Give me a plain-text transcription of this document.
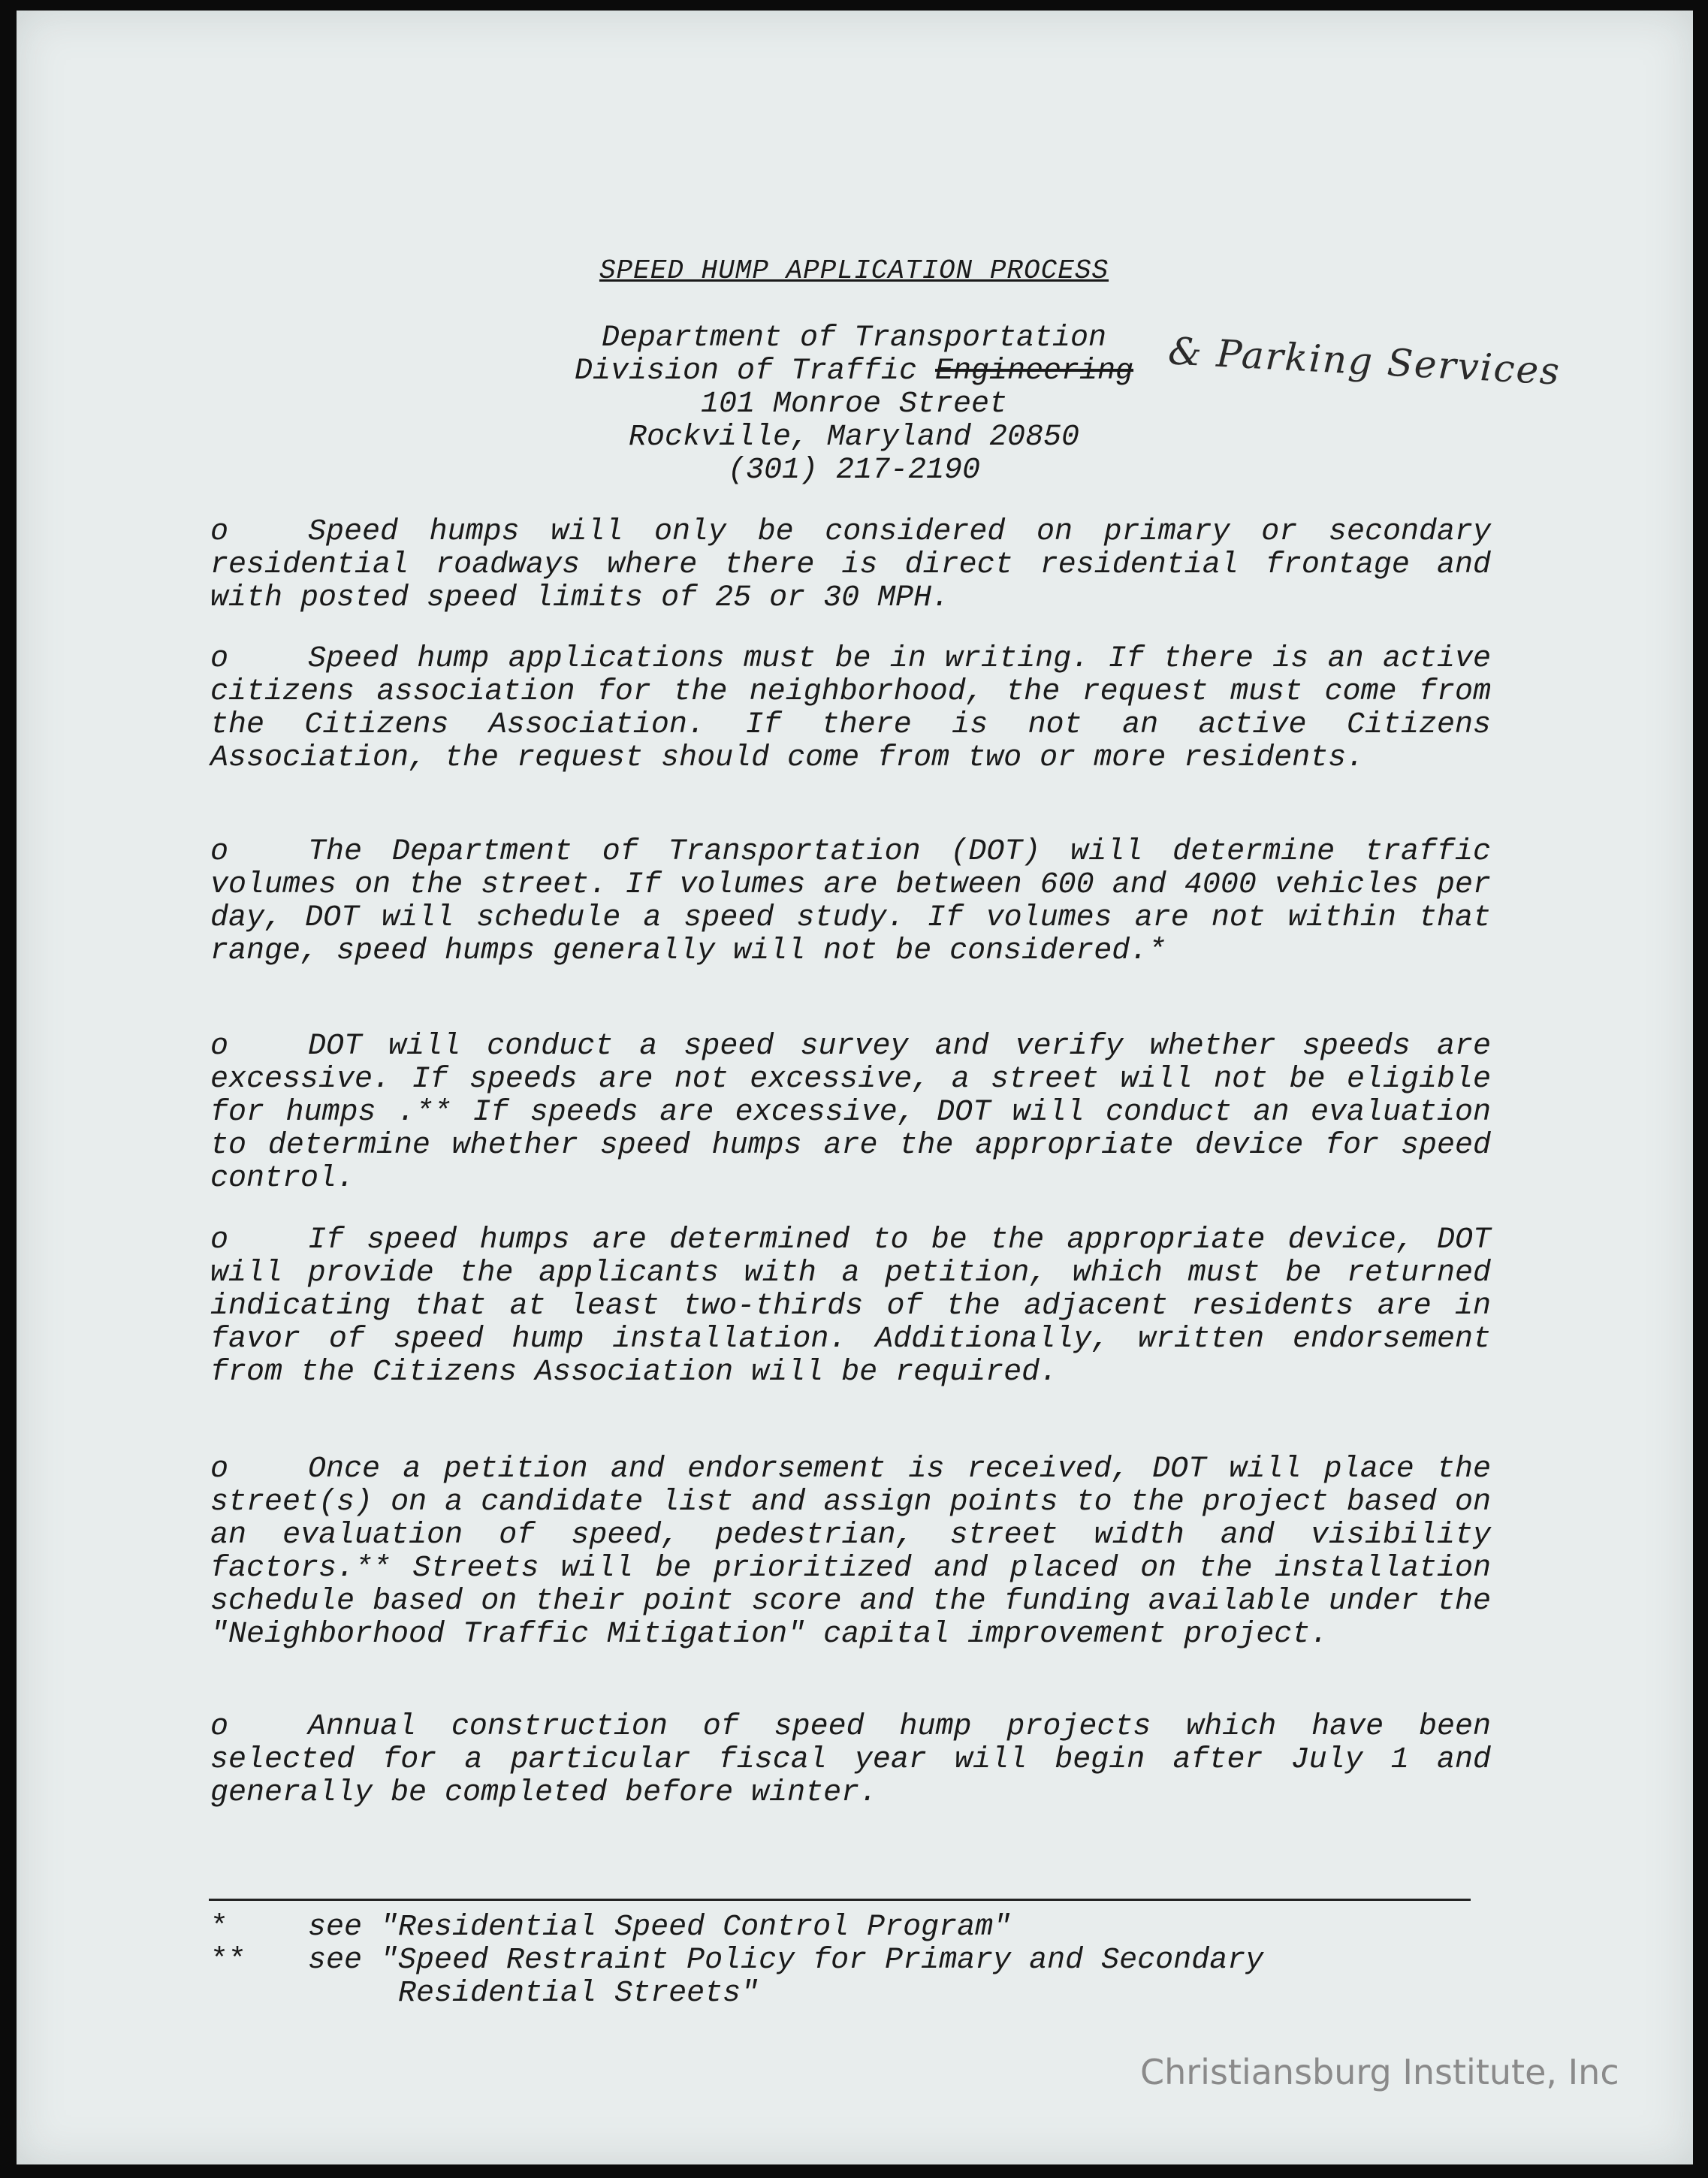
SPEED HUMP APPLICATION PROCESS
Department of Transportation
Division of Traffic Engineering
101 Monroe Street
Rockville, Maryland 20850
(301) 217-2190
& Parking Services
o	Speed humps will only be considered on primary or secondary residential roadways where there is direct residential frontage and with posted speed limits of 25 or 30 MPH.
o	Speed hump applications must be in writing. If there is an active citizens association for the neighborhood, the request must come from the Citizens Association. If there is not an active Citizens Association, the request should come from two or more residents.
o	The Department of Transportation (DOT) will determine traffic volumes on the street. If volumes are between 600 and 4000 vehicles per day, DOT will schedule a speed study. If volumes are not within that range, speed humps generally will not be considered.*
o	DOT will conduct a speed survey and verify whether speeds are excessive. If speeds are not excessive, a street will not be eligible for humps .** If speeds are excessive, DOT will conduct an evaluation to determine whether speed humps are the appropriate device for speed control.
o	If speed humps are determined to be the appropriate device, DOT will provide the applicants with a petition, which must be returned indicating that at least two-thirds of the adjacent residents are in favor of speed hump installation. Additionally, written endorsement from the Citizens Association will be required.
o	Once a petition and endorsement is received, DOT will place the street(s) on a candidate list and assign points to the project based on an evaluation of speed, pedestrian, street width and visibility factors.** Streets will be prioritized and placed on the installation schedule based on their point score and the funding available under the "Neighborhood Traffic Mitigation" capital improvement project.
o	Annual construction of speed hump projects which have been selected for a particular fiscal year will begin after July 1 and generally be completed before winter.
*	see "Residential Speed Control Program"
** see "Speed Restraint Policy for Primary and Secondary
Residential Streets"
Christiansburg Institute, Inc
